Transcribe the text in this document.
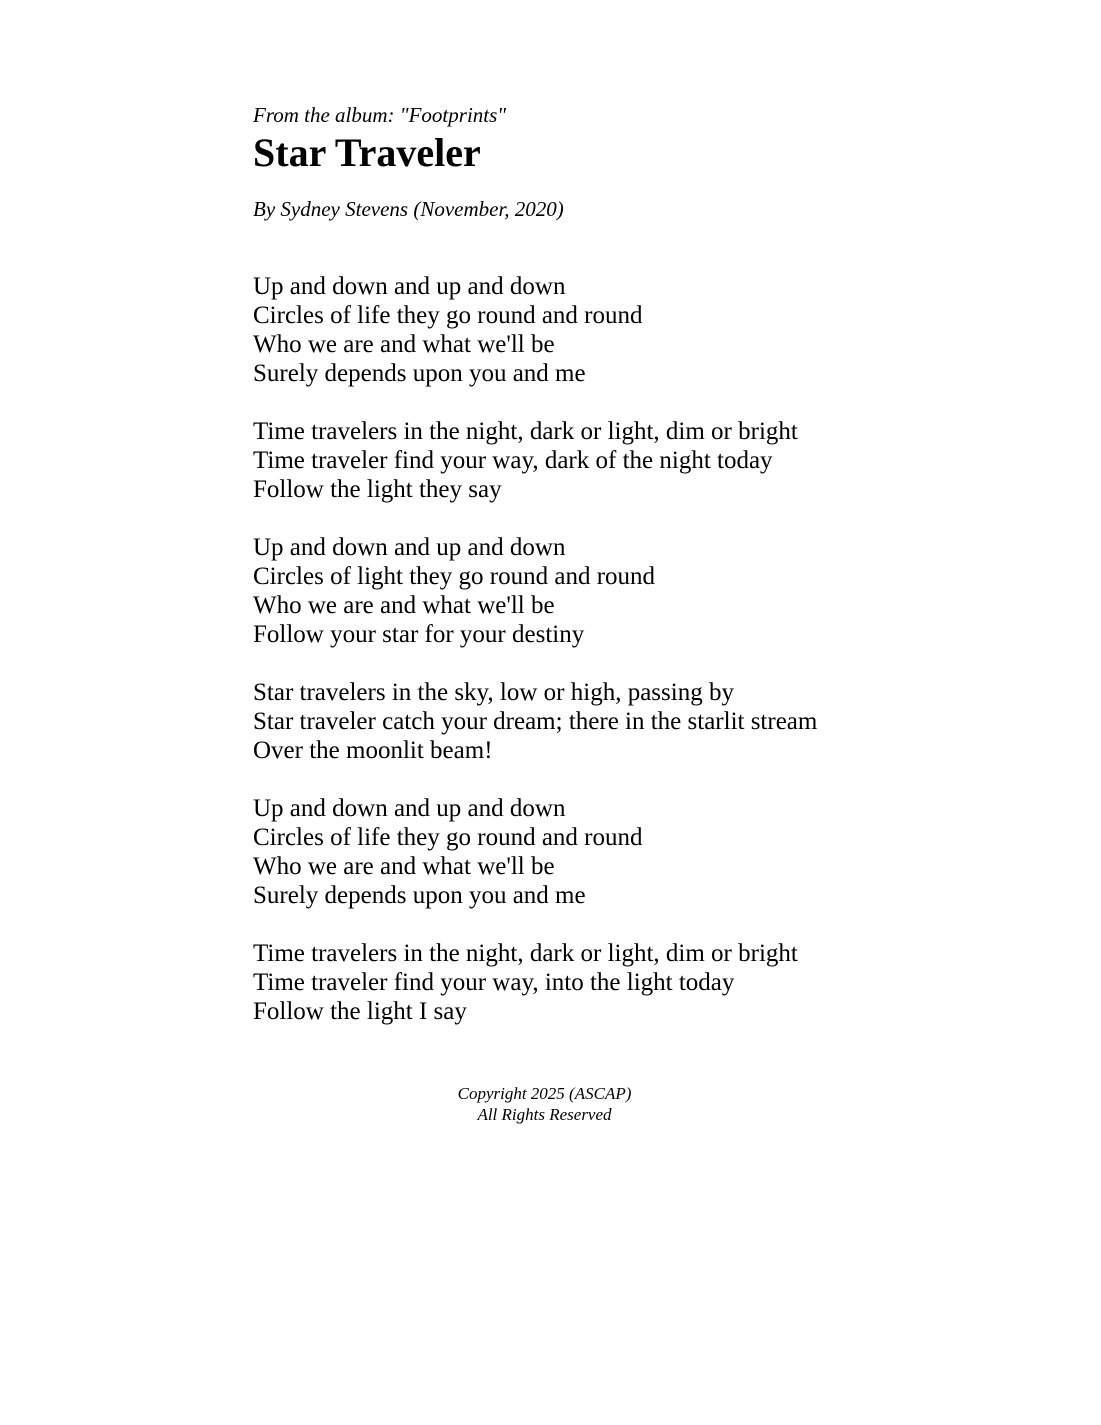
From the album: "Footprints"

Star Traveler

By Sydney Stevens (November, 2020)

Up and down and up and down
Circles of life they go round and round
Who we are and what we'll be
Surely depends upon you and me
Time travelers in the night, dark or light, dim or bright
Time traveler find your way, dark of the night today
Follow the light they say
Up and down and up and down
Circles of light they go round and round
Who we are and what we'll be
Follow your star for your destiny
Star travelers in the sky, low or high, passing by
Star traveler catch your dream; there in the starlit stream
Over the moonlit beam!
Up and down and up and down
Circles of life they go round and round
Who we are and what we'll be
Surely depends upon you and me
Time travelers in the night, dark or light, dim or bright
Time traveler find your way, into the light today
Follow the light I say
Copyright 2025 (ASCAP)
All Rights Reserved
